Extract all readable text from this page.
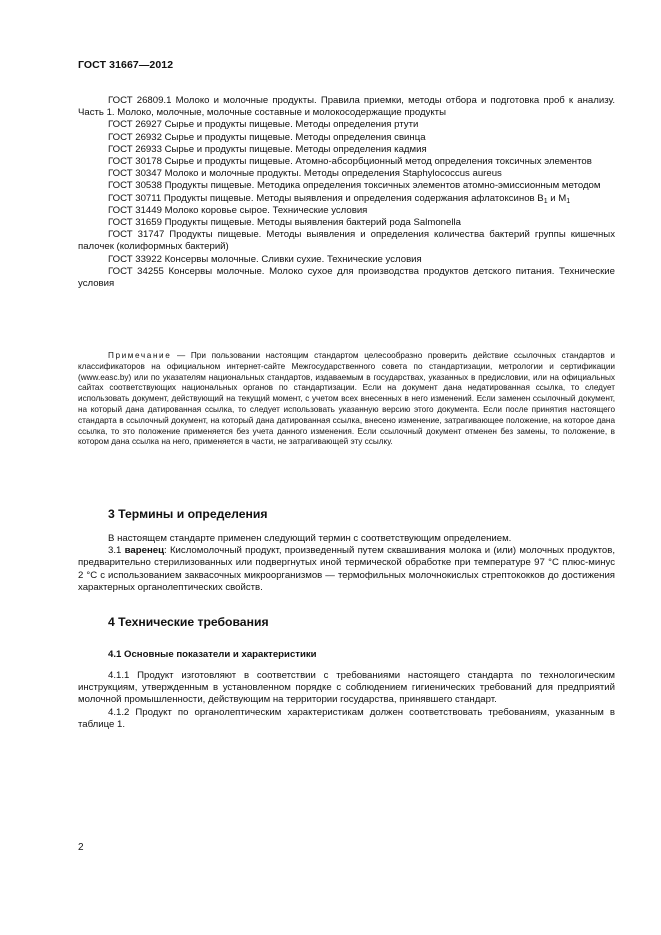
ГОСТ 31667—2012

ГОСТ 26809.1 Молоко и молочные продукты. Правила приемки, методы отбора и подготовка проб к анализу. Часть 1. Молоко, молочные, молочные составные и молокосодержащие продукты

ГОСТ 26927 Сырье и продукты пищевые. Методы определения ртути

ГОСТ 26932 Сырье и продукты пищевые. Методы определения свинца

ГОСТ 26933 Сырье и продукты пищевые. Методы определения кадмия

ГОСТ 30178 Сырье и продукты пищевые. Атомно-абсорбционный метод определения токсичных элементов

ГОСТ 30347 Молоко и молочные продукты. Методы определения Staphylococcus aureus

ГОСТ 30538 Продукты пищевые. Методика определения токсичных элементов атомно-эмиссионным методом

ГОСТ 30711 Продукты пищевые. Методы выявления и определения содержания афлатоксинов $B_1$ и $M_1$

ГОСТ 31449 Молоко коровье сырое. Технические условия

ГОСТ 31659 Продукты пищевые. Методы выявления бактерий рода Salmonella

ГОСТ 31747 Продукты пищевые. Методы выявления и определения количества бактерий группы кишечных палочек (колиформных бактерий)

ГОСТ 33922 Консервы молочные. Сливки сухие. Технические условия

ГОСТ 34255 Консервы молочные. Молоко сухое для производства продуктов детского питания. Технические условия

Примечание — При пользовании настоящим стандартом целесообразно проверить действие ссылочных стандартов и классификаторов на официальном интернет-сайте Межгосударственного совета по стандартизации, метрологии и сертификации (www.easc.by) или по указателям национальных стандартов, издаваемым в государствах, указанных в предисловии, или на официальных сайтах соответствующих национальных органов по стандартизации. Если на документ дана недатированная ссылка, то следует использовать документ, действующий на текущий момент, с учетом всех внесенных в него изменений. Если заменен ссылочный документ, на который дана датированная ссылка, то следует использовать указанную версию этого документа. Если после принятия настоящего стандарта в ссылочный документ, на который дана датированная ссылка, внесено изменение, затрагивающее положение, на которое дана ссылка, то это положение применяется без учета данного изменения. Если ссылочный документ отменен без замены, то положение, в котором дана ссылка на него, применяется в части, не затрагивающей эту ссылку.

3 Термины и определения

В настоящем стандарте применен следующий термин с соответствующим определением.

3.1 варенец: Кисломолочный продукт, произведенный путем сквашивания молока и (или) молочных продуктов, предварительно стерилизованных или подвергнутых иной термической обработке при температуре 97 °С плюс-минус 2 °С с использованием заквасочных микроорганизмов — термофильных молочнокислых стрептококков до достижения характерных органолептических свойств.

4 Технические требования
4.1 Основные показатели и характеристики

4.1.1 Продукт изготовляют в соответствии с требованиями настоящего стандарта по технологическим инструкциям, утвержденным в установленном порядке с соблюдением гигиенических требований для предприятий молочной промышленности, действующим на территории государства, принявшего стандарт.

4.1.2 Продукт по органолептическим характеристикам должен соответствовать требованиям, указанным в таблице 1.

2
